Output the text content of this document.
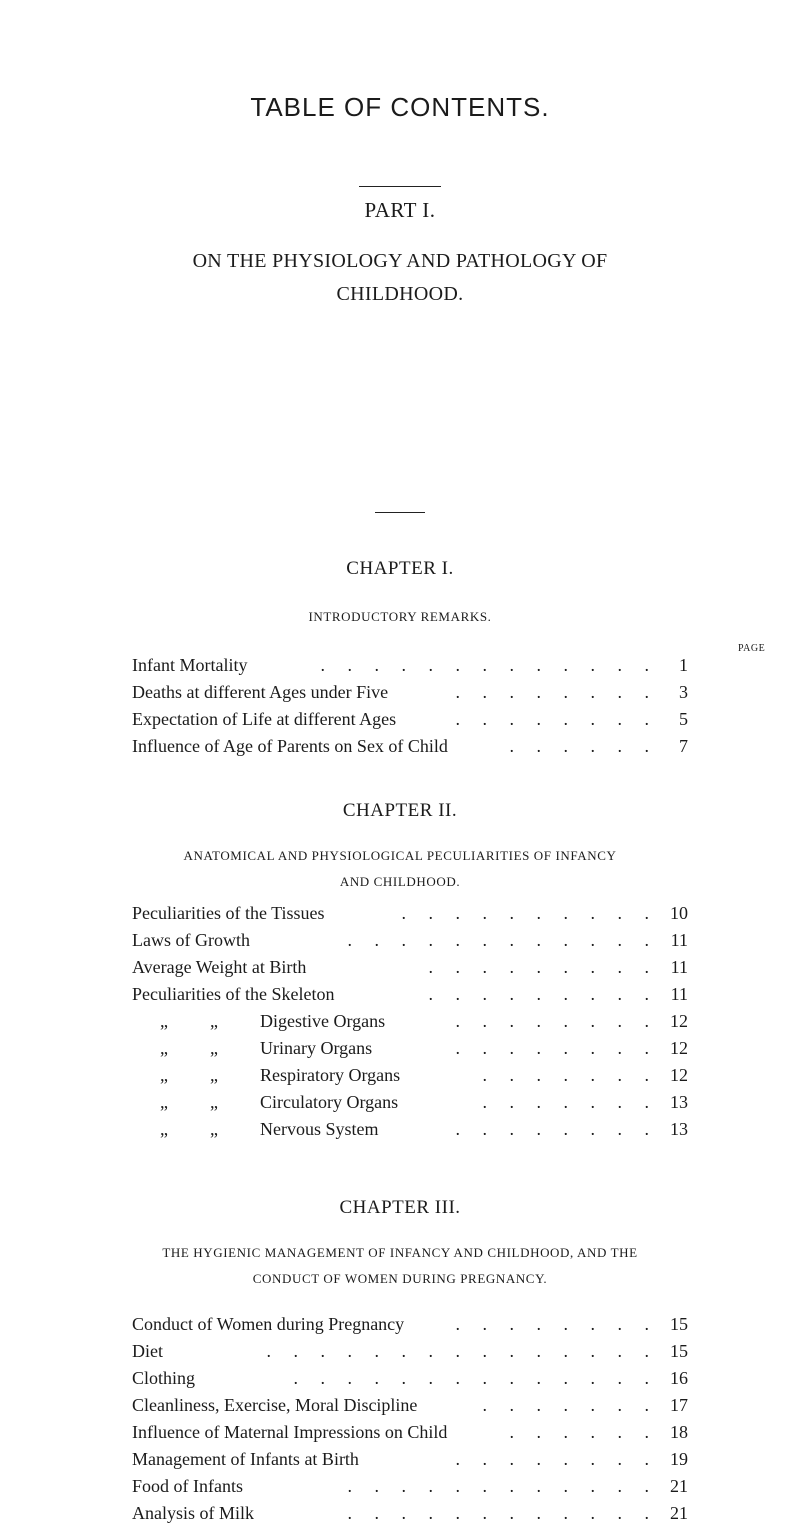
TABLE OF CONTENTS.
PART I.
ON THE PHYSIOLOGY AND PATHOLOGY OF
CHILDHOOD.
CHAPTER I.
INTRODUCTORY REMARKS.
PAGE
Infant Mortality	. . . . . . . . . . . . .	1
Deaths at different Ages under Five	. . . . . . . .	3
Expectation of Life at different Ages	. . . . . . . .	5
Influence of Age of Parents on Sex of Child	. . . . . .	7
CHAPTER II.
ANATOMICAL AND PHYSIOLOGICAL PECULIARITIES OF INFANCY
AND CHILDHOOD.
Peculiarities of the Tissues	. . . . . . . . . . 10
Laws of Growth	. . . . . . . . . . . . 11
Average Weight at Birth	. . . . . . . . . 11
Peculiarities of the Skeleton	. . . . . . . . . 11
„ „ Digestive Organs	. . . . . . . . 12
„ „ Urinary Organs	. . . . . . . . 12
„ „ Respiratory Organs	. . . . . . . 12
„ „ Circulatory Organs	. . . . . . . 13
„ „ Nervous System	. . . . . . . . 13
CHAPTER III.
THE HYGIENIC MANAGEMENT OF INFANCY AND CHILDHOOD, AND THE
CONDUCT OF WOMEN DURING PREGNANCY.
Conduct of Women during Pregnancy	. . . . . . . . 15
Diet	. . . . . . . . . . . . . . . 15
Clothing	. . . . . . . . . . . . . . 16
Cleanliness, Exercise, Moral Discipline	. . . . . . . 17
Influence of Maternal Impressions on Child	. . . . . . 18
Management of Infants at Birth	. . . . . . . . 19
Food of Infants	. . . . . . . . . . . . 21
Analysis of Milk	. . . . . . . . . . . . 21
